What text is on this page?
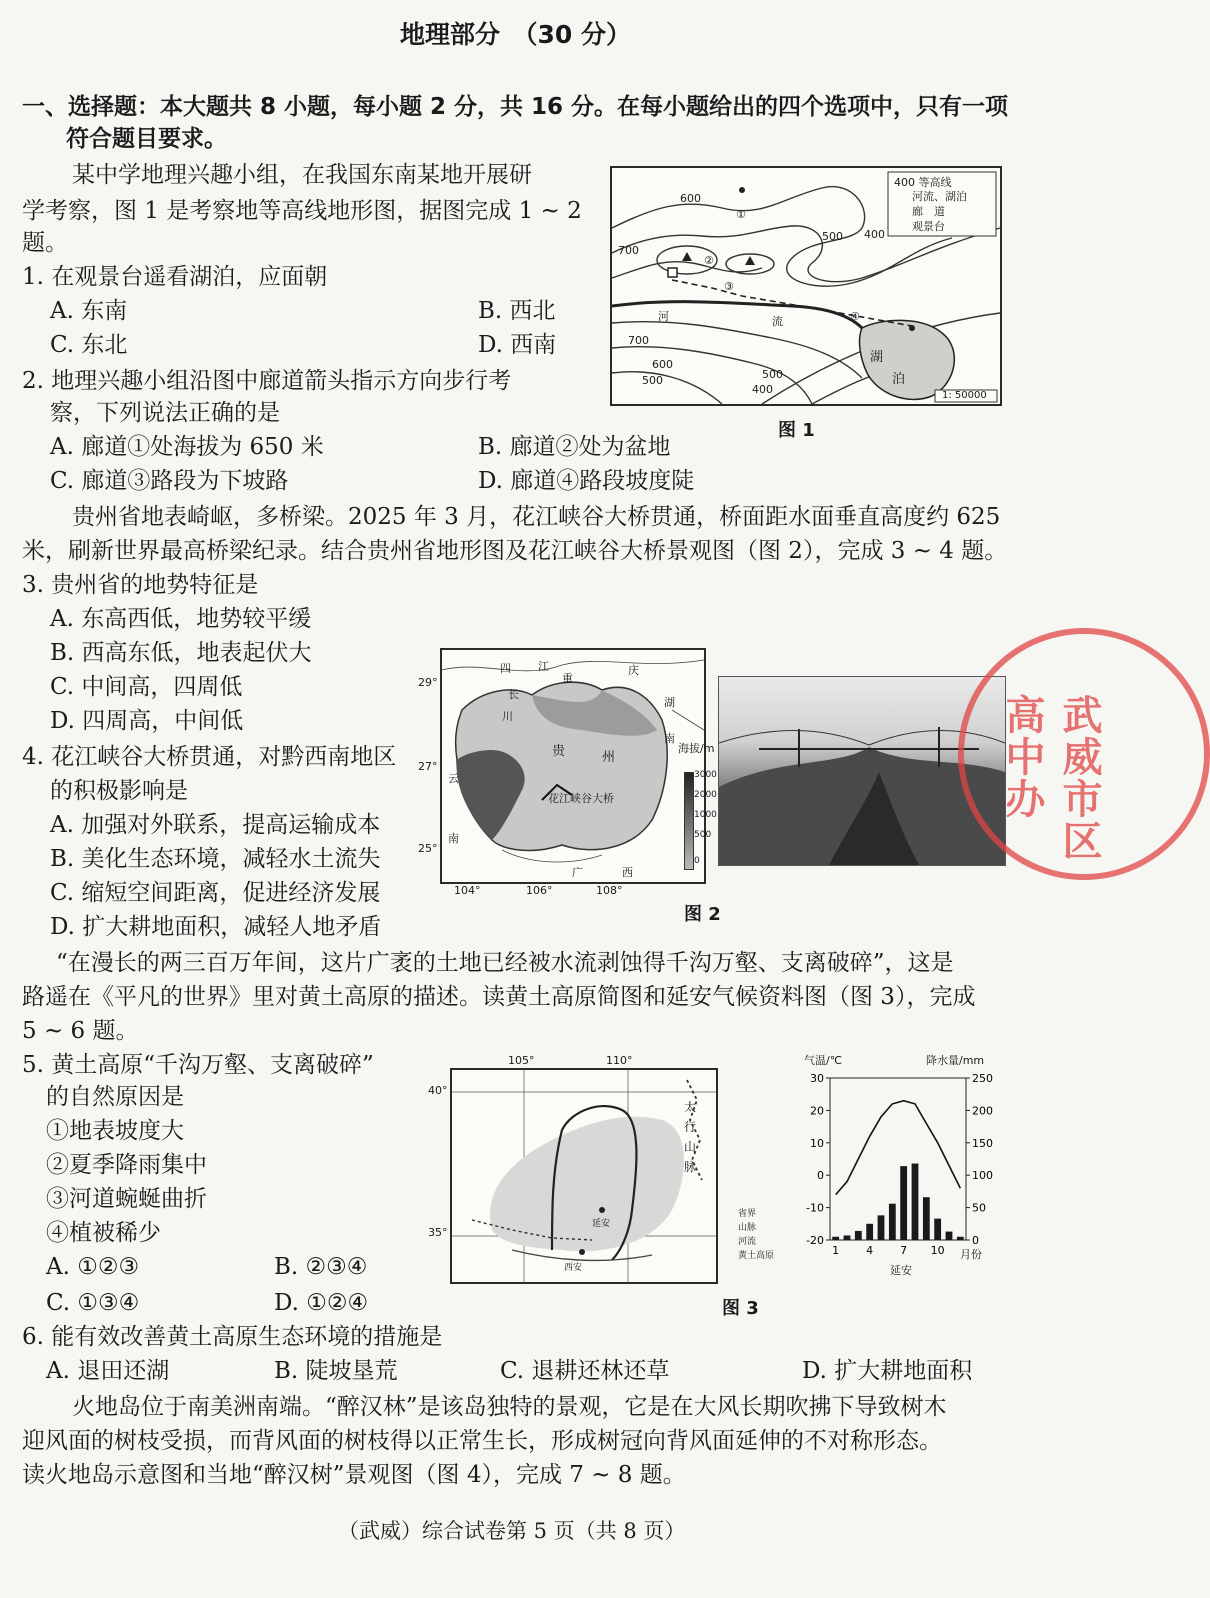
地理部分　（30 分）
一、选择题：本大题共 8 小题，每小题 2 分，共 16 分。在每小题给出的四个选项中，只有一项
符合题目要求。
某中学地理兴趣小组，在我国东南某地开展研
学考察，图 1 是考察地等高线地形图，据图完成 1 ~ 2
题。
1. 在观景台遥看湖泊，应面朝
A. 东南	B. 西北
C. 东北	D. 西南
2. 地理兴趣小组沿图中廊道箭头指示方向步行考
察，下列说法正确的是
A. 廊道①处海拔为 650 米	B. 廊道②处为盆地
C. 廊道③路段为下坡路	D. 廊道④路段坡度陡
400 等高线
河流、湖泊
廊　道
观景台
600
700
500 400
700
600
500	500
400
①
②
③
④
河	流
湖
泊
1: 50000
图 1
贵州省地表崎岖，多桥梁。2025 年 3 月，花江峡谷大桥贯通，桥面距水面垂直高度约 625
米，刷新世界最高桥梁纪录。结合贵州省地形图及花江峡谷大桥景观图（图 2），完成 3 ~ 4 题。
3. 贵州省的地势特征是
A. 东高西低，地势较平缓
B. 西高东低，地表起伏大
C. 中间高，四周低
D. 四周高，中间低
4. 花江峡谷大桥贯通，对黔西南地区
的积极影响是
A. 加强对外联系，提高运输成本
B. 美化生态环境，减轻水土流失
C. 缩短空间距离，促进经济发展
D. 扩大耕地面积，减轻人地矛盾
四
川
江
重
庆
湖
南
云
南
贵	州
广	西
长
花江峡谷大桥
29°
27°
25°
104°	106°	108°
海拔/m
3000
2000
1000
500
0
图 2
武威市区高中办
“在漫长的两三百万年间，这片广袤的土地已经被水流剥蚀得千沟万壑、支离破碎”，这是
路遥在《平凡的世界》里对黄土高原的描述。读黄土高原简图和延安气候资料图（图 3），完成
5 ~ 6 题。
5. 黄土高原“千沟万壑、支离破碎”
的自然原因是
①地表坡度大
②夏季降雨集中
③河道蜿蜒曲折
④植被稀少
A. ①②③	B. ②③④
C. ①③④	D. ①②④
太
行
山
脉
延安
西安
105°	110°
40°
35°
省界
山脉
河流
黄土高原
气温/℃	降水量/mm
30
20
10
0
-10
-20
250
200
150
100
50
0
1 4 7 10 月份
延安
图 3
6. 能有效改善黄土高原生态环境的措施是
A. 退田还湖	B. 陡坡垦荒	C. 退耕还林还草	D. 扩大耕地面积
火地岛位于南美洲南端。“醉汉林”是该岛独特的景观，它是在大风长期吹拂下导致树木
迎风面的树枝受损，而背风面的树枝得以正常生长，形成树冠向背风面延伸的不对称形态。
读火地岛示意图和当地“醉汉树”景观图（图 4），完成 7 ~ 8 题。
（武威）综合试卷第 5 页（共 8 页）
